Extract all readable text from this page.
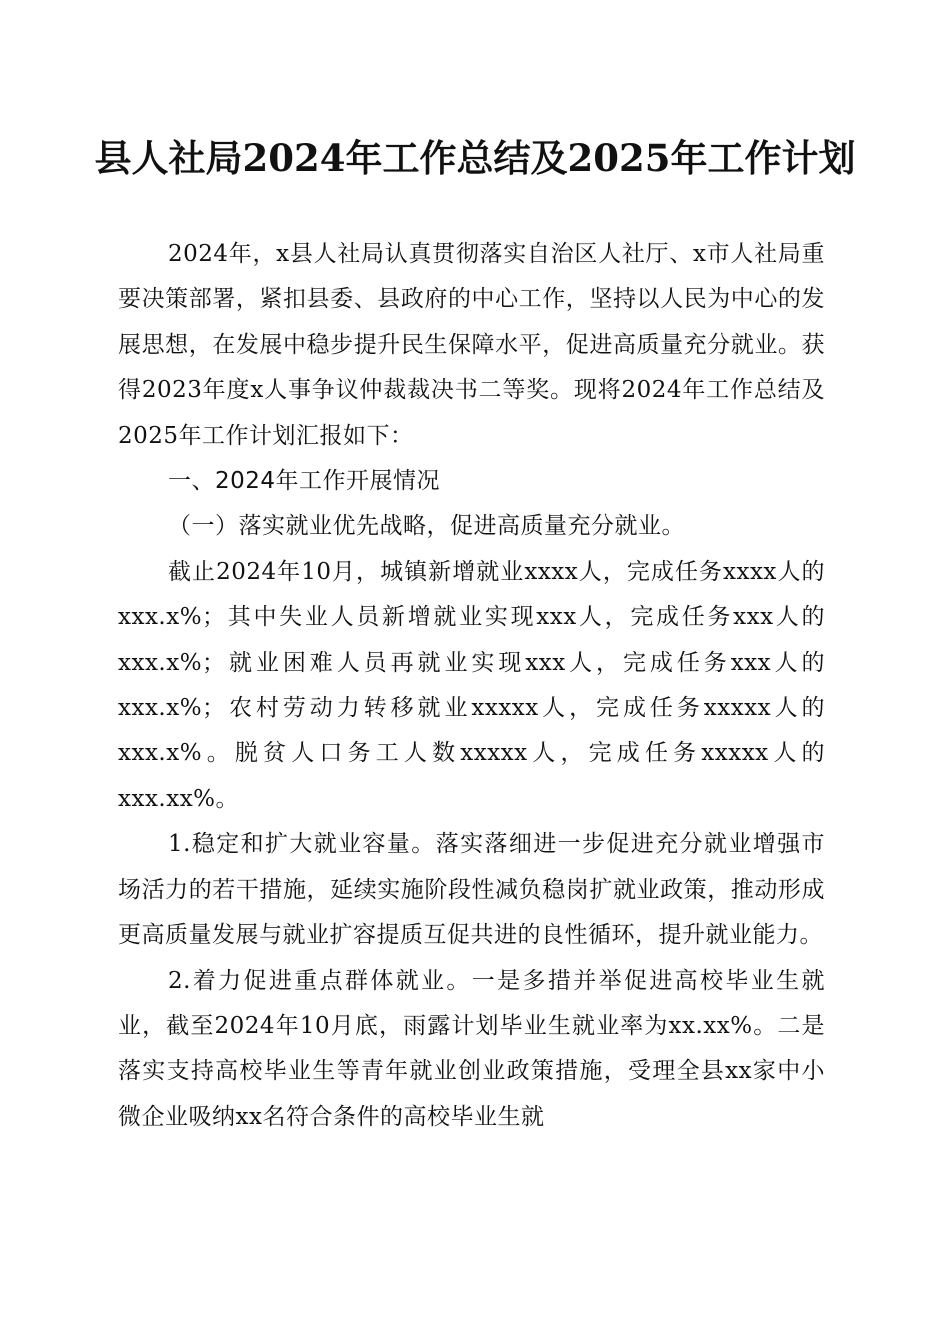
县人社局2024年工作总结及2025年工作计划

2024年，x县人社局认真贯彻落实自治区人社厅、x市人社局重要决策部署，紧扣县委、县政府的中心工作，坚持以人民为中心的发展思想，在发展中稳步提升民生保障水平，促进高质量充分就业。获得2023年度x人事争议仲裁裁决书二等奖。现将2024年工作总结及2025年工作计划汇报如下：

一、2024年工作开展情况

（一）落实就业优先战略，促进高质量充分就业。

截止2024年10月，城镇新增就业xxxx人，完成任务xxxx人的xxx.x%；其中失业人员新增就业实现xxx人，完成任务xxx人的xxx.x%；就业困难人员再就业实现xxx人，完成任务xxx人的xxx.x%；农村劳动力转移就业xxxxx人，完成任务xxxxx人的xxx.x%。脱贫人口务工人数xxxxx人，完成任务xxxxx人的xxx.xx%。

1.稳定和扩大就业容量。落实落细进一步促进充分就业增强市场活力的若干措施，延续实施阶段性减负稳岗扩就业政策，推动形成更高质量发展与就业扩容提质互促共进的良性循环，提升就业能力。

2.着力促进重点群体就业。一是多措并举促进高校毕业生就业，截至2024年10月底，雨露计划毕业生就业率为xx.xx%。二是落实支持高校毕业生等青年就业创业政策措施，受理全县xx家中小微企业吸纳xx名符合条件的高校毕业生就
